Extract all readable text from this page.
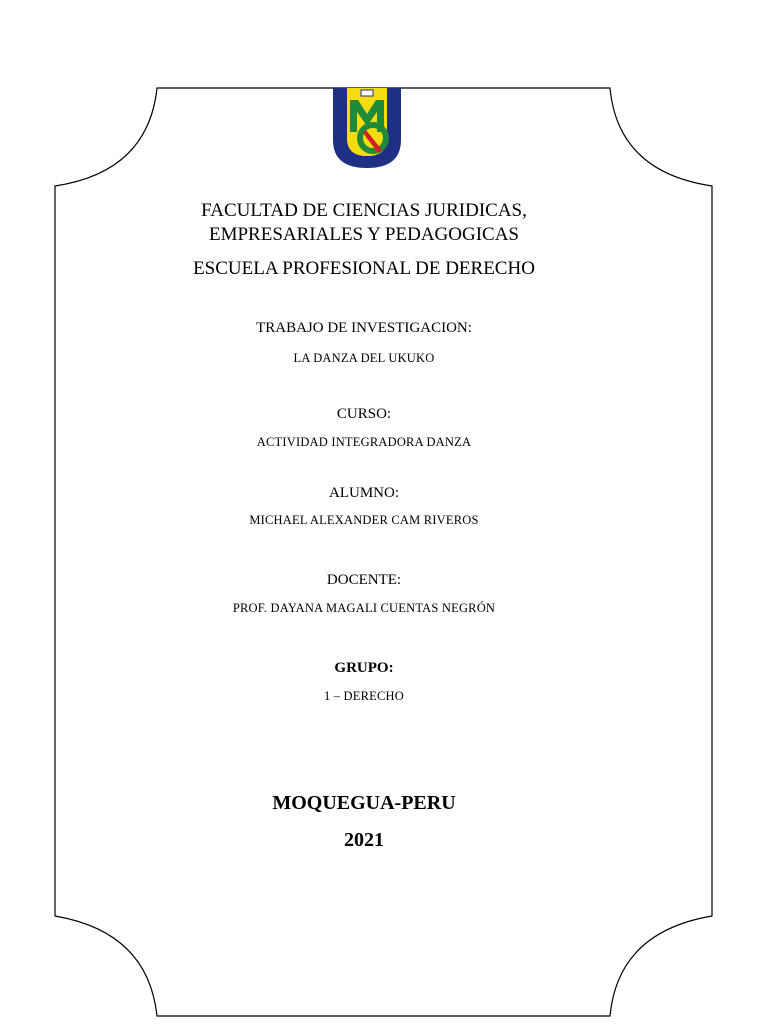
FACULTAD DE CIENCIAS JURIDICAS,
EMPRESARIALES Y PEDAGOGICAS
ESCUELA PROFESIONAL DE DERECHO
TRABAJO DE INVESTIGACION:
LA DANZA DEL UKUKO
CURSO:
ACTIVIDAD INTEGRADORA DANZA
ALUMNO:
MICHAEL ALEXANDER CAM RIVEROS
DOCENTE:
PROF. DAYANA MAGALI CUENTAS NEGRÓN
GRUPO:
1 – DERECHO
MOQUEGUA-PERU
2021
